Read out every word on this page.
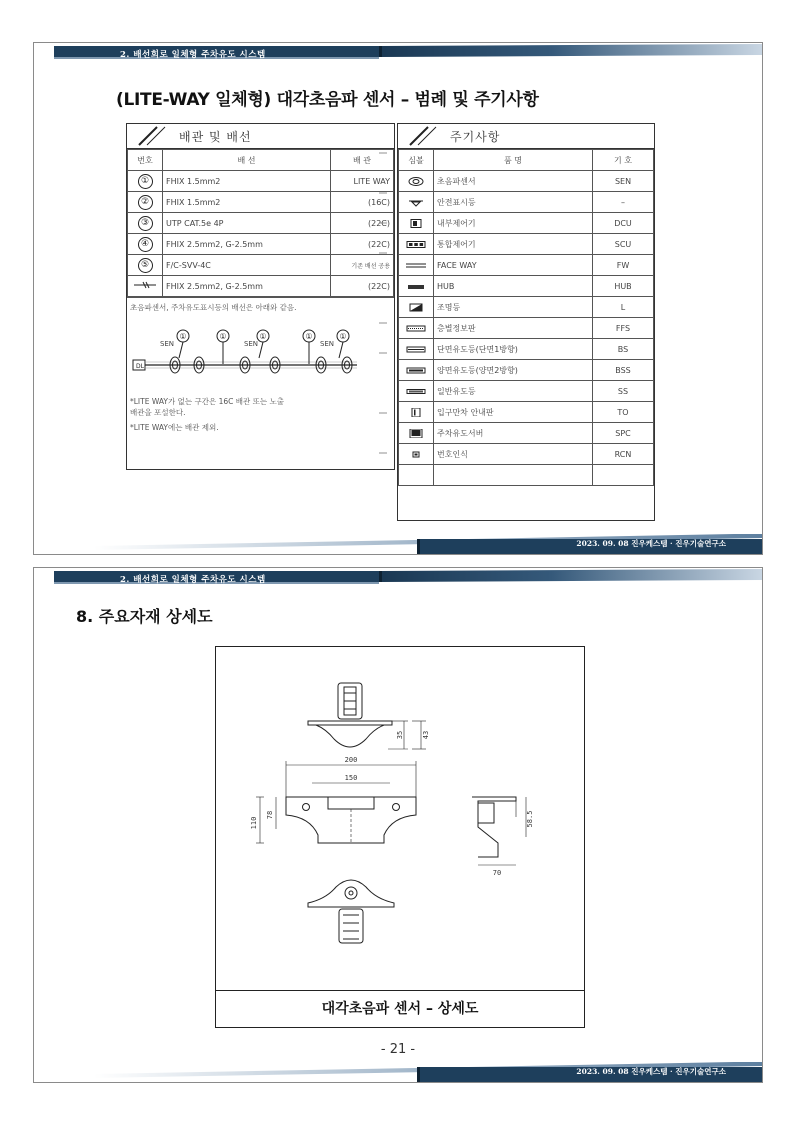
2. 배선회로 일체형 주차유도 시스템
(LITE-WAY 일체형) 대각초음파 센서 – 범례 및 주기사항
배관 및 배선
번호	배 선	배 관
①	FHIX 1.5mm2	LITE WAY
②	FHIX 1.5mm2	(16C)
③	UTP CAT.5e 4P	(22C)
④	FHIX 2.5mm2, G-2.5mm	(22C)
⑤	F/C-SVV-4C	기존 배선 공용
	FHIX 2.5mm2, G-2.5mm	(22C)
초음파센서, 주차유도표시등의 배선은 아래와 같음.
DL
①	①	①	①	①
SEN	SEN	SEN
*LITE WAY가 없는 구간은 16C 배관 또는 노출
배관을 포설한다.
*LITE WAY에는 배관 제외.
주기사항
심볼	품 명	기 호
	초음파센서	SEN
	안전표시등	–
	내부제어기	DCU
	통합제어기	SCU
	FACE WAY	FW
	HUB	HUB
	조명등	L
	층별정보판	FFS
	단면유도등(단면1방향)	BS
	양면유도등(양면2방향)	BSS
	일반유도등	SS
	입구만차 안내판	TO
	주차유도서버	SPC
	번호인식	RCN

2023. 09. 08 진우케스템 · 진우기술연구소
2. 배선회로 일체형 주차유도 시스템
8. 주요자재 상세도
200
150
110
78
70
58.5
35	43
대각초음파 센서 – 상세도
- 21 -
2023. 09. 08 진우케스템 · 진우기술연구소
